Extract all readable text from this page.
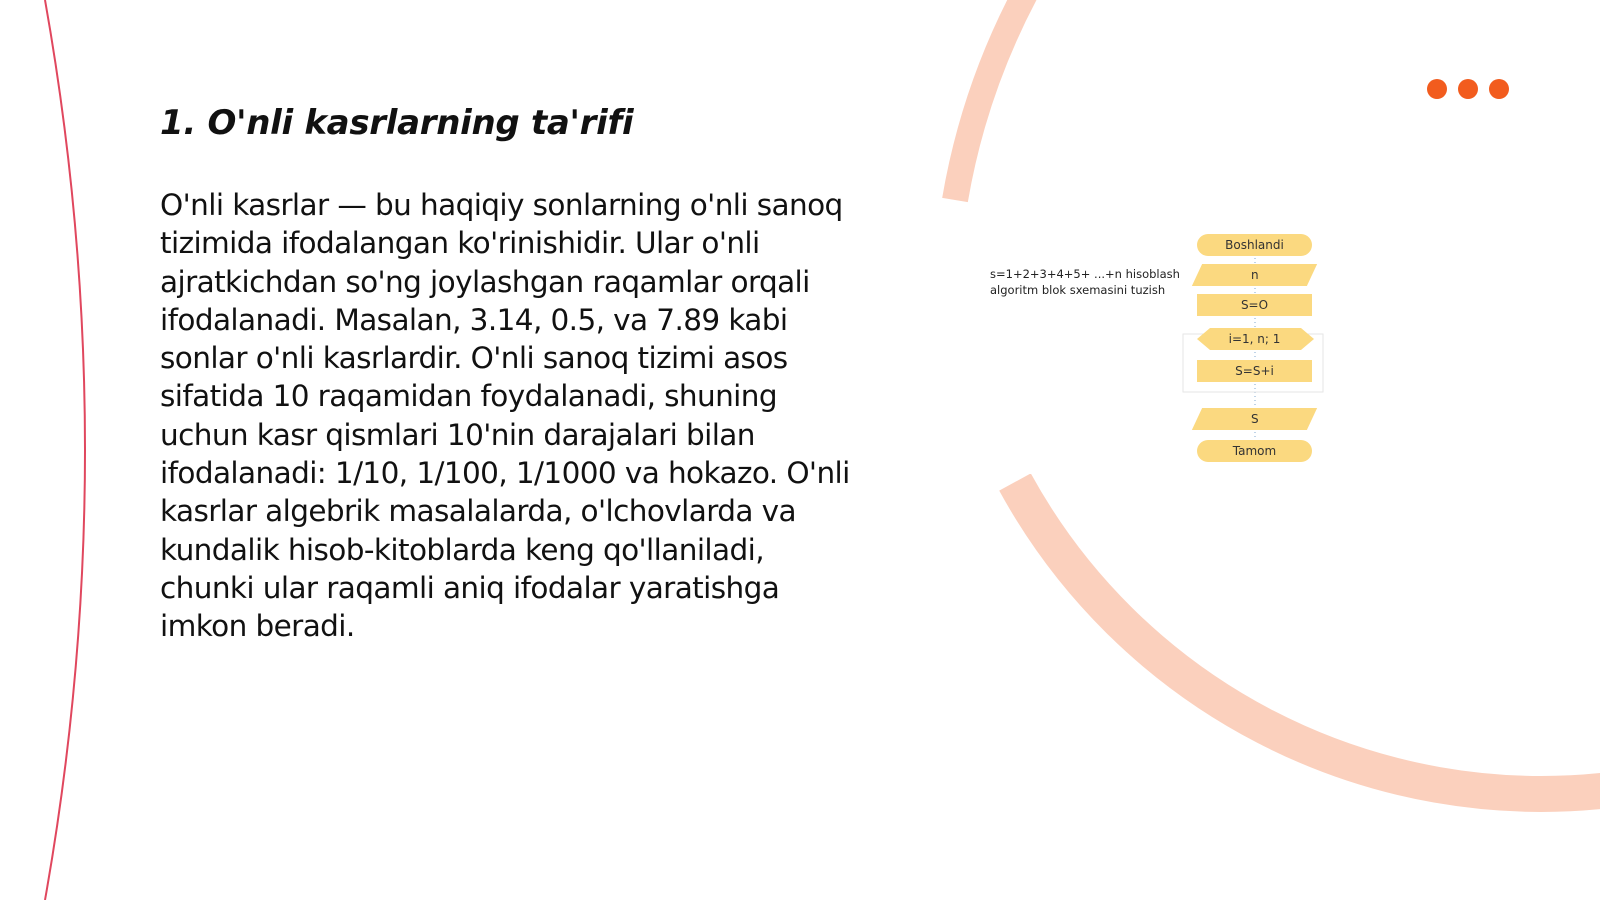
1. O'nli kasrlarning ta'rifi

O'nli kasrlar — bu haqiqiy sonlarning o'nli sanoq tizimida ifodalangan ko'rinishidir. Ular o'nli ajratkichdan so'ng joylashgan raqamlar orqali ifodalanadi. Masalan, 3.14, 0.5, va 7.89 kabi sonlar o'nli kasrlardir. O'nli sanoq tizimi asos sifatida 10 raqamidan foydalanadi, shuning uchun kasr qismlari 10'nin darajalari bilan ifodalanadi: 1/10, 1/100, 1/1000 va hokazo. O'nli kasrlar algebrik masalalarda, o'lchovlarda va kundalik hisob-kitoblarda keng qo'llaniladi, chunki ular raqamli aniq ifodalar yaratishga imkon beradi.

s=1+2+3+4+5+ ...+n hisoblash algoritm blok sxemasini tuzish
Boshlandi
n
S=O
i=1, n; 1
S=S+i
S
Tamom
